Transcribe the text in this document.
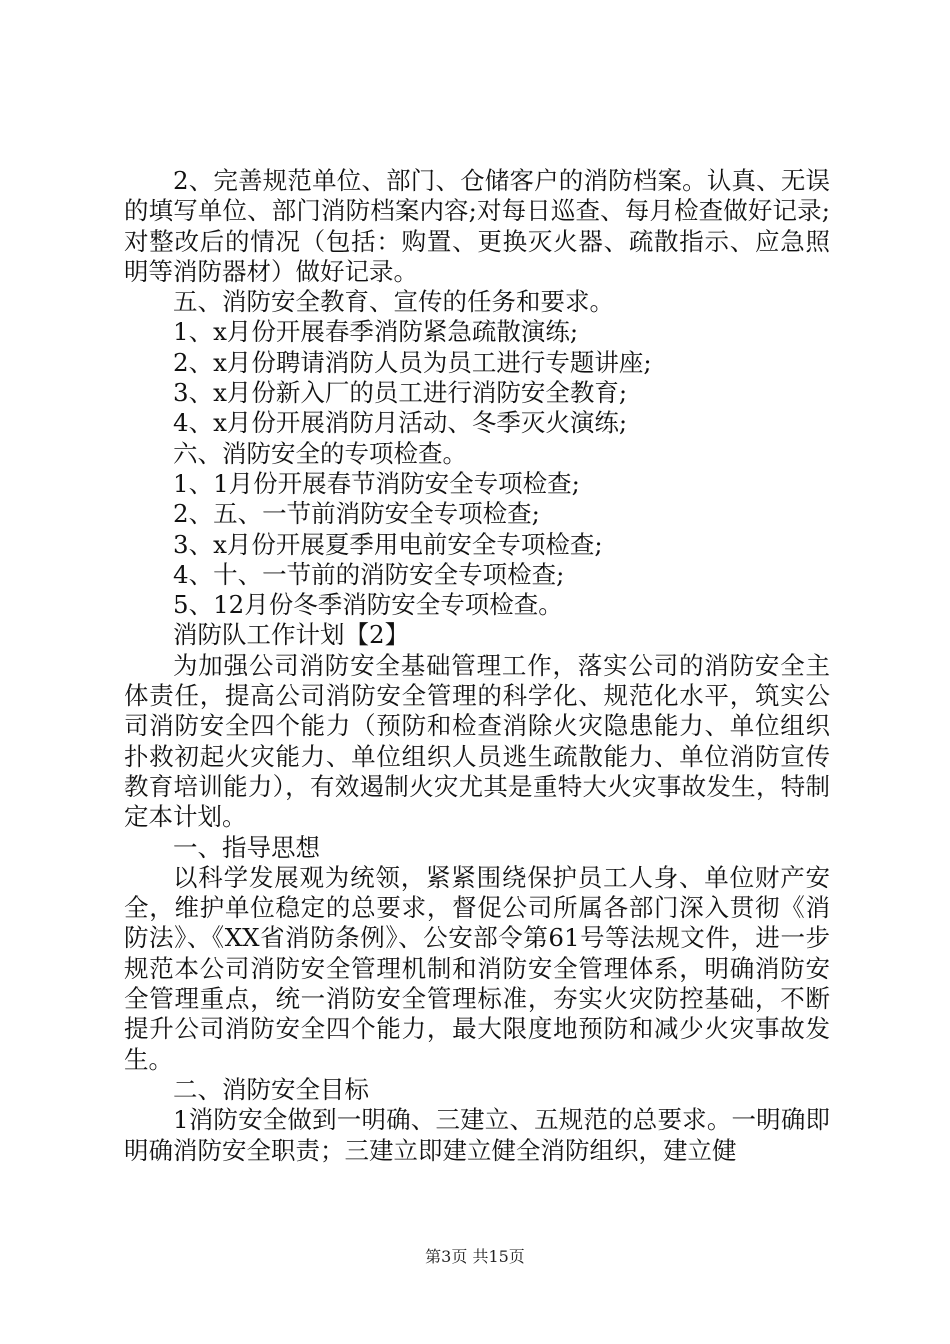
2、完善规范单位、部门、仓储客户的消防档案。认真、无误的填写单位、部门消防档案内容;对每日巡查、每月检查做好记录;对整改后的情况（包括：购置、更换灭火器、疏散指示、应急照明等消防器材）做好记录。

五、消防安全教育、宣传的任务和要求。

1、x月份开展春季消防紧急疏散演练;

2、x月份聘请消防人员为员工进行专题讲座;

3、x月份新入厂的员工进行消防安全教育;

4、x月份开展消防月活动、冬季灭火演练;

六、消防安全的专项检查。

1、1月份开展春节消防安全专项检查;

2、五、一节前消防安全专项检查;

3、x月份开展夏季用电前安全专项检查;

4、十、一节前的消防安全专项检查;

5、12月份冬季消防安全专项检查。

消防队工作计划【2】

为加强公司消防安全基础管理工作，落实公司的消防安全主体责任，提高公司消防安全管理的科学化、规范化水平，筑实公司消防安全四个能力（预防和检查消除火灾隐患能力、单位组织扑救初起火灾能力、单位组织人员逃生疏散能力、单位消防宣传教育培训能力），有效遏制火灾尤其是重特大火灾事故发生，特制定本计划。

一、指导思想

以科学发展观为统领，紧紧围绕保护员工人身、单位财产安全，维护单位稳定的总要求，督促公司所属各部门深入贯彻《消防法》、《XX省消防条例》、公安部令第61号等法规文件，进一步规范本公司消防安全管理机制和消防安全管理体系，明确消防安全管理重点，统一消防安全管理标准，夯实火灾防控基础，不断提升公司消防安全四个能力，最大限度地预防和减少火灾事故发生。

二、消防安全目标

1消防安全做到一明确、三建立、五规范的总要求。一明确即明确消防安全职责；三建立即建立健全消防组织，建立健

第3页 共15页
